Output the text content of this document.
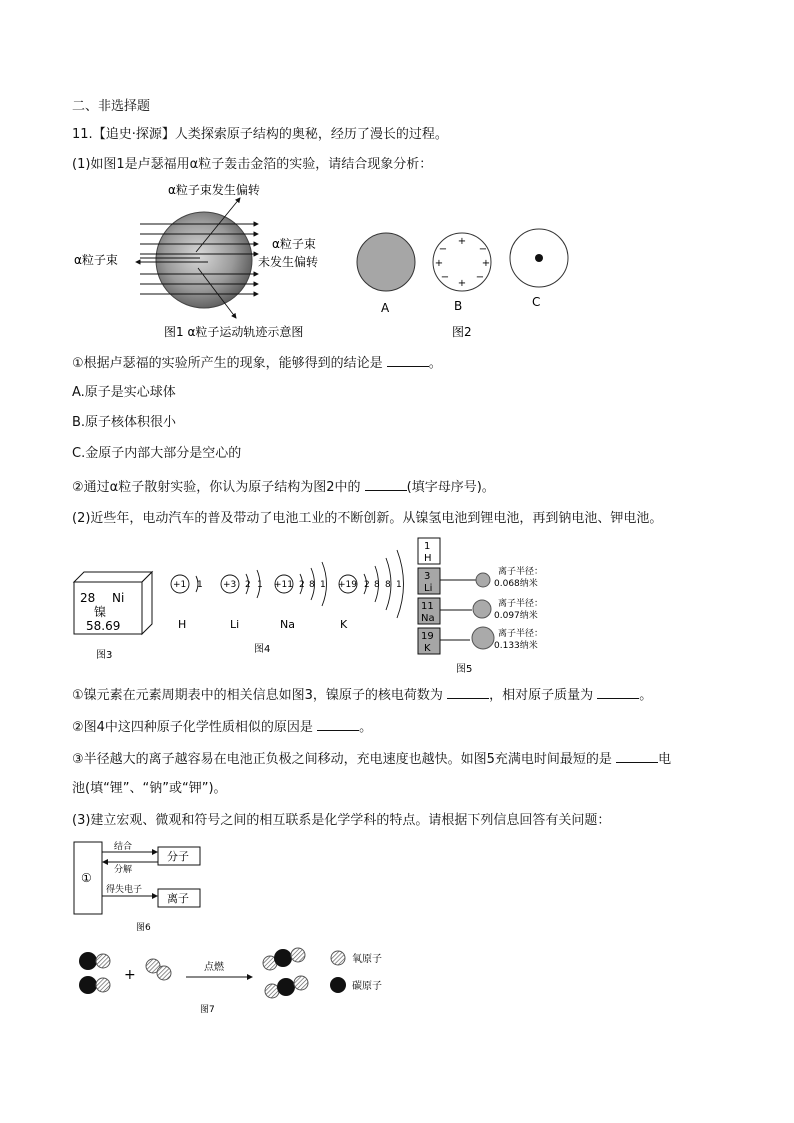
二、非选择题
11.【追史·探源】人类探索原子结构的奥秘，经历了漫长的过程。
(1)如图1是卢瑟福用α粒子轰击金箔的实验，请结合现象分析：
α粒子束发生偏转
α粒子束
α粒子束
未发生偏转
图1 α粒子运动轨迹示意图
+
−	−
+	+
−
+
−
A	B	C
图2
①根据卢瑟福的实验所产生的现象，能够得到的结论是	。
A.原子是实心球体
B.原子核体积很小
C.金原子内部大部分是空心的
②通过α粒子散射实验，你认为原子结构为图2中的	(填字母序号)。
(2)近些年，电动汽车的普及带动了电池工业的不断创新。从镍氢电池到锂电池，再到钠电池、钾电池。
28 Ni
镍
58.69
图3
+1 1 +3 2 1 +11 2 8 1 +19 2 8 8 1
H	Li	Na	K
图4
1
H
3
Li
11
Na
19
K
离子半径：
0.068纳米
离子半径：
0.097纳米
离子半径：
0.133纳米
图5
①镍元素在元素周期表中的相关信息如图3，镍原子的核电荷数为	，相对原子质量为	。
②图4中这四种原子化学性质相似的原因是	。
③半径越大的离子越容易在电池正负极之间移动，充电速度也越快。如图5充满电时间最短的是	电
池(填“锂”、“钠”或“钾”)。
(3)建立宏观、微观和符号之间的相互联系是化学学科的特点。请根据下列信息回答有关问题：
①
分子
离子
结合
分解
得失电子
图6
+	点燃
氧原子
碳原子
图7
